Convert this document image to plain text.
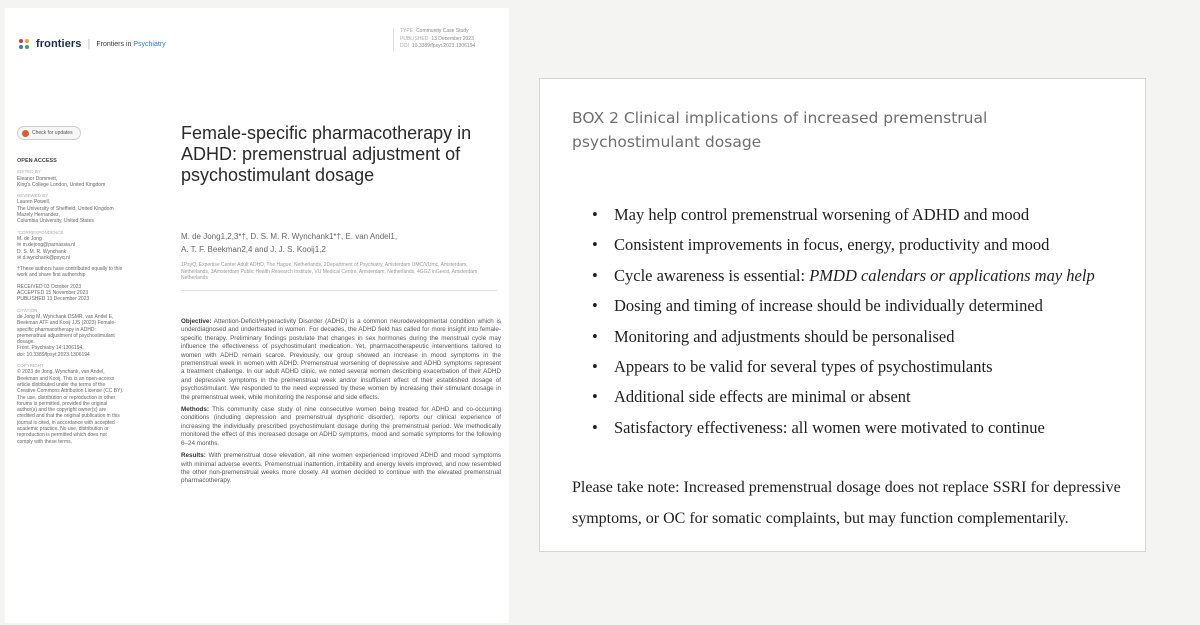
frontiers | Frontiers in Psychiatry
TYPE Community Case Study
PUBLISHED 13 December 2023
DOI 10.3389/fpsyt.2023.1306194
Check for updates
OPEN ACCESS
EDITED BY
Eleanor Dommett,
King's College London, United Kingdom
REVIEWED BY
Lauren Powell,
The University of Sheffield, United Kingdom
Mazely Hernandez,
Columbia University, United States
*CORRESPONDENCE
M. de Jong
✉ m.dejong@parnassia.nl
D. S. M. R. Wynchank
✉ d.wynchank@psyq.nl
†These authors have contributed equally to this
work and share first authorship
RECEIVED 03 October 2023
ACCEPTED 15 November 2023
PUBLISHED 13 December 2023
CITATION
de Jong M, Wynchank DSMR, van Andel E,
Beekman ATF and Kooij JJS (2023) Female-
specific pharmacotherapy in ADHD:
premenstrual adjustment of psychostimulant
dosage.
Front. Psychiatry 14:1306194.
doi: 10.3389/fpsyt.2023.1306194
COPYRIGHT
© 2023 de Jong, Wynchank, van Andel,
Beekman and Kooij. This is an open-access
article distributed under the terms of the
Creative Commons Attribution License (CC BY).
The use, distribution or reproduction in other
forums is permitted, provided the original
author(s) and the copyright owner(s) are
credited and that the original publication in this
journal is cited, in accordance with accepted
academic practice. No use, distribution or
reproduction is permitted which does not
comply with these terms.
Female-specific pharmacotherapy in ADHD: premenstrual adjustment of psychostimulant dosage
M. de Jong1,2,3*†, D. S. M. R. Wynchank1*†, E. van Andel1,
A. T. F. Beekman2,4 and J. J. S. Kooij1,2
1PsyQ, Expertise Center Adult ADHD, The Hague, Netherlands, 2Department of Psychiatry, Amsterdam UMC/VUmc, Amsterdam, Netherlands, 3Amsterdam Public Health Research Institute, VU Medical Centre, Amsterdam, Netherlands, 4GGZ inGeest, Amsterdam, Netherlands

Objective: Attention-Deficit/Hyperactivity Disorder (ADHD) is a common neurodevelopmental condition which is underdiagnosed and undertreated in women. For decades, the ADHD field has called for more insight into female-specific therapy. Preliminary findings postulate that changes in sex hormones during the menstrual cycle may influence the effectiveness of psychostimulant medication. Yet, pharmacotherapeutic interventions tailored to women with ADHD remain scarce. Previously, our group showed an increase in mood symptoms in the premenstrual week in women with ADHD. Premenstrual worsening of depressive and ADHD symptoms represent a treatment challenge. In our adult ADHD clinic, we noted several women describing exacerbation of their ADHD and depressive symptoms in the premenstrual week and/or insufficient effect of their established dosage of psychostimulant. We responded to the need expressed by these women by increasing their stimulant dosage in the premenstrual week, while monitoring the response and side effects.

Methods: This community case study of nine consecutive women being treated for ADHD and co-occurring conditions (including depression and premenstrual dysphoric disorder), reports our clinical experience of increasing the individually prescribed psychostimulant dosage during the premenstrual period. We methodically monitored the effect of this increased dosage on ADHD symptoms, mood and somatic symptoms for the following 6–24 months.

Results: With premenstrual dose elevation, all nine women experienced improved ADHD and mood symptoms with minimal adverse events. Premenstrual inattention, irritability and energy levels improved, and now resembled the other non-premenstrual weeks more closely. All women decided to continue with the elevated premenstrual pharmacotherapy.

BOX 2 Clinical implications of increased premenstrual psychostimulant dosage
• May help control premenstrual worsening of ADHD and mood
• Consistent improvements in focus, energy, productivity and mood
• Cycle awareness is essential: PMDD calendars or applications may help
• Dosing and timing of increase should be individually determined
• Monitoring and adjustments should be personalised
• Appears to be valid for several types of psychostimulants
• Additional side effects are minimal or absent
• Satisfactory effectiveness: all women were motivated to continue
Please take note: Increased premenstrual dosage does not replace SSRI for depressive symptoms, or OC for somatic complaints, but may function complementarily.
